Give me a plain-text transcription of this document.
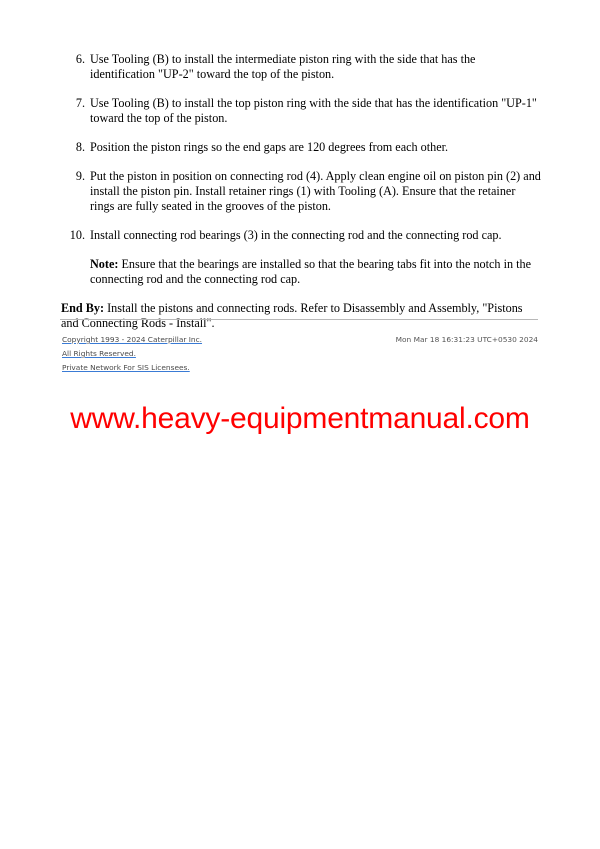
6. Use Tooling (B) to install the intermediate piston ring with the side that has the identification "UP-2" toward the top of the piston.
7. Use Tooling (B) to install the top piston ring with the side that has the identification "UP-1" toward the top of the piston.
8. Position the piston rings so the end gaps are 120 degrees from each other.
9. Put the piston in position on connecting rod (4). Apply clean engine oil on piston pin (2) and install the piston pin. Install retainer rings (1) with Tooling (A). Ensure that the retainer rings are fully seated in the grooves of the piston.
10. Install connecting rod bearings (3) in the connecting rod and the connecting rod cap.
Note: Ensure that the bearings are installed so that the bearing tabs fit into the notch in the connecting rod and the connecting rod cap.
End By: Install the pistons and connecting rods. Refer to Disassembly and Assembly, "Pistons and Connecting Rods - Install".
Copyright 1993 - 2024 Caterpillar Inc.
All Rights Reserved.
Private Network For SIS Licensees.
Mon Mar 18 16:31:23 UTC+0530 2024
www.heavy-equipmentmanual.com
